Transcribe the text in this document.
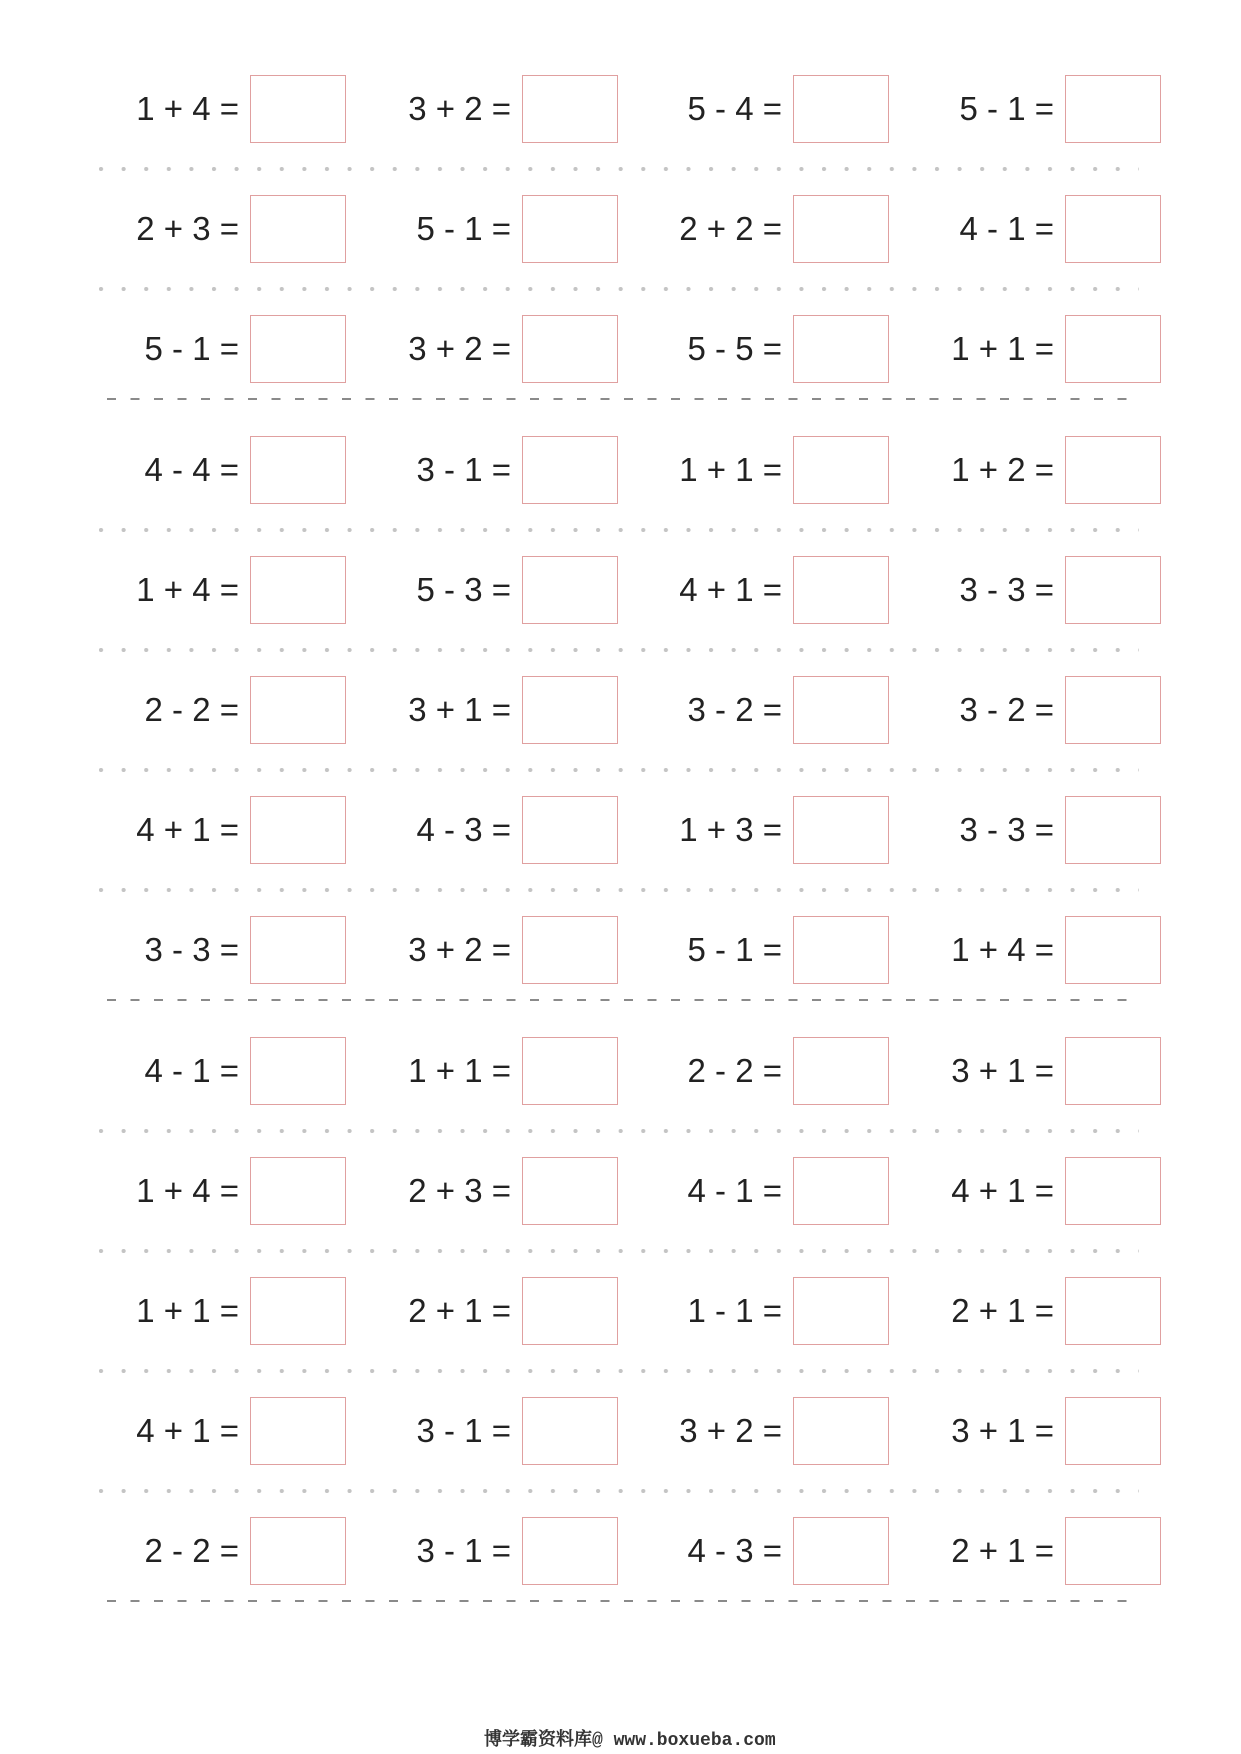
1 + 4 =	3 + 2 =	5 - 4 =	5 - 1 =
2 + 3 =	5 - 1 =	2 + 2 =	4 - 1 =
5 - 1 =	3 + 2 =	5 - 5 =	1 + 1 =
4 - 4 =	3 - 1 =	1 + 1 =	1 + 2 =
1 + 4 =	5 - 3 =	4 + 1 =	3 - 3 =
2 - 2 =	3 + 1 =	3 - 2 =	3 - 2 =
4 + 1 =	4 - 3 =	1 + 3 =	3 - 3 =
3 - 3 =	3 + 2 =	5 - 1 =	1 + 4 =
4 - 1 =	1 + 1 =	2 - 2 =	3 + 1 =
1 + 4 =	2 + 3 =	4 - 1 =	4 + 1 =
1 + 1 =	2 + 1 =	1 - 1 =	2 + 1 =
4 + 1 =	3 - 1 =	3 + 2 =	3 + 1 =
2 - 2 =	3 - 1 =	4 - 3 =	2 + 1 =
博学霸资料库@ www.boxueba.com
